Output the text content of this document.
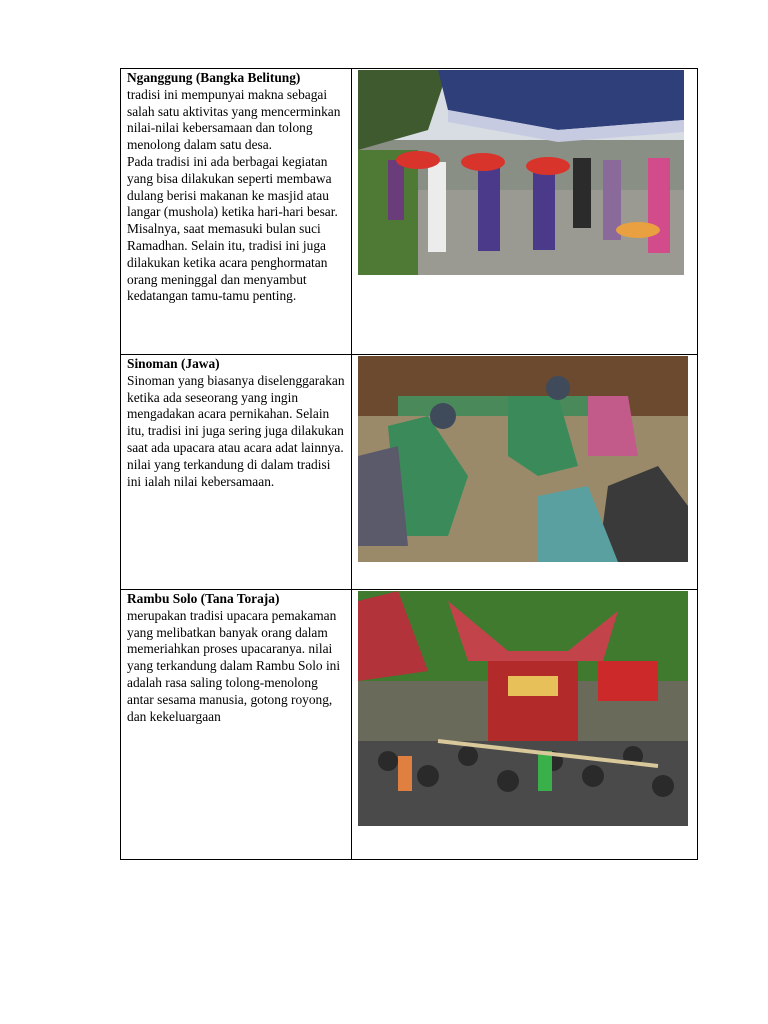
Nganggung (Bangka Belitung)

tradisi ini mempunyai makna sebagai salah satu aktivitas yang mencerminkan nilai-nilai kebersamaan dan tolong menolong dalam satu desa.

Pada tradisi ini ada berbagai kegiatan yang bisa dilakukan seperti membawa dulang berisi makanan ke masjid atau langar (mushola) ketika hari-hari besar. Misalnya, saat memasuki bulan suci Ramadhan. Selain itu, tradisi ini juga dilakukan ketika acara penghormatan orang meninggal dan menyambut kedatangan tamu-tamu penting.

Sinoman (Jawa)

Sinoman yang biasanya diselenggarakan ketika ada seseorang yang ingin mengadakan acara pernikahan. Selain itu, tradisi ini juga sering juga dilakukan saat ada upacara atau acara adat lainnya. nilai yang terkandung di dalam tradisi ini ialah nilai kebersamaan.

Rambu Solo (Tana Toraja)

merupakan tradisi upacara pemakaman yang melibatkan banyak orang dalam memeriahkan proses upacaranya. nilai yang terkandung dalam Rambu Solo ini adalah rasa saling tolong-menolong antar sesama manusia, gotong royong, dan kekeluargaan
